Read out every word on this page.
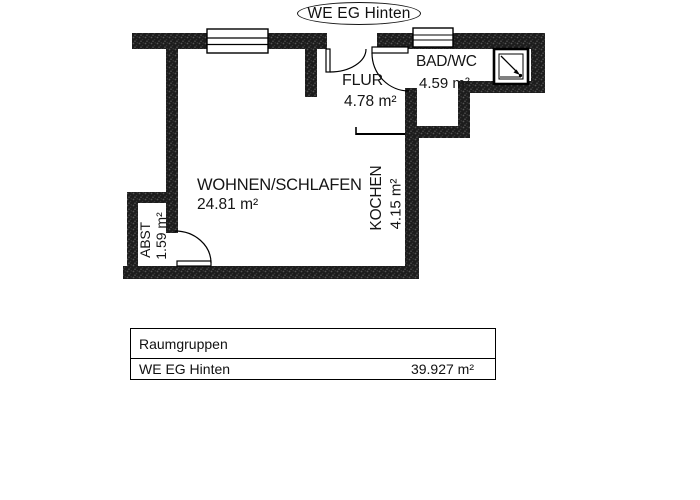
WE EG Hinten
WOHNEN/SCHLAFEN
24.81 m²
FLUR
4.78 m²
BAD/WC
4.59 m²
KOCHEN 4.15 m²
ABST 1.59 m²
Raumgruppen
WE EG Hinten	39.927 m²
